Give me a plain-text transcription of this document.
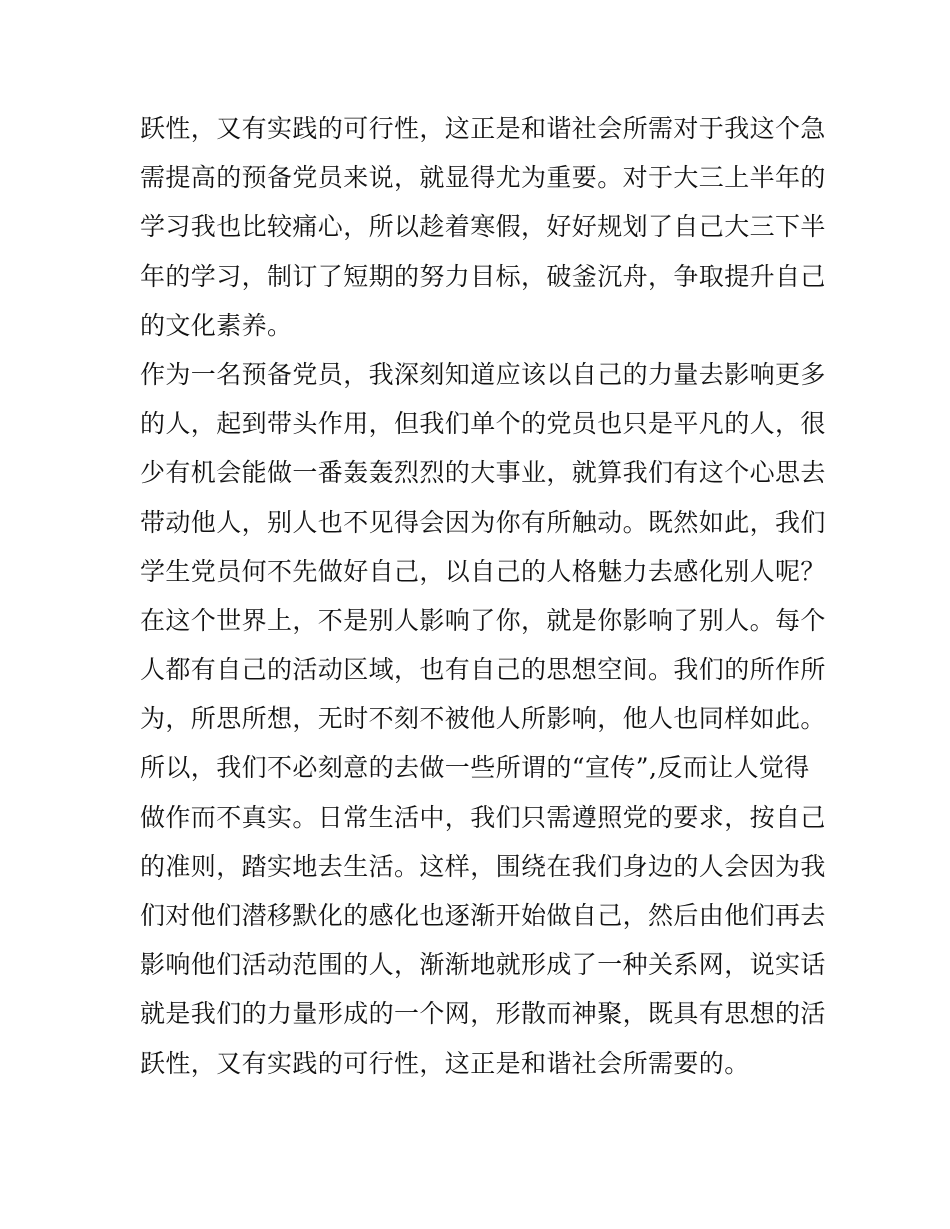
跃性，又有实践的可行性，这正是和谐社会所需对于我这个急
需提高的预备党员来说，就显得尤为重要。对于大三上半年的
学习我也比较痛心，所以趁着寒假，好好规划了自己大三下半
年的学习，制订了短期的努力目标，破釜沉舟，争取提升自己
的文化素养。
作为一名预备党员，我深刻知道应该以自己的力量去影响更多
的人，起到带头作用，但我们单个的党员也只是平凡的人，很
少有机会能做一番轰轰烈烈的大事业，就算我们有这个心思去
带动他人，别人也不见得会因为你有所触动。既然如此，我们
学生党员何不先做好自己，以自己的人格魅力去感化别人呢？
在这个世界上，不是别人影响了你，就是你影响了别人。每个
人都有自己的活动区域，也有自己的思想空间。我们的所作所
为，所思所想，无时不刻不被他人所影响，他人也同样如此。
所以，我们不必刻意的去做一些所谓的“宣传”,反而让人觉得
做作而不真实。日常生活中，我们只需遵照党的要求，按自己
的准则，踏实地去生活。这样，围绕在我们身边的人会因为我
们对他们潜移默化的感化也逐渐开始做自己，然后由他们再去
影响他们活动范围的人，渐渐地就形成了一种关系网，说实话
就是我们的力量形成的一个网，形散而神聚，既具有思想的活
跃性，又有实践的可行性，这正是和谐社会所需要的。
